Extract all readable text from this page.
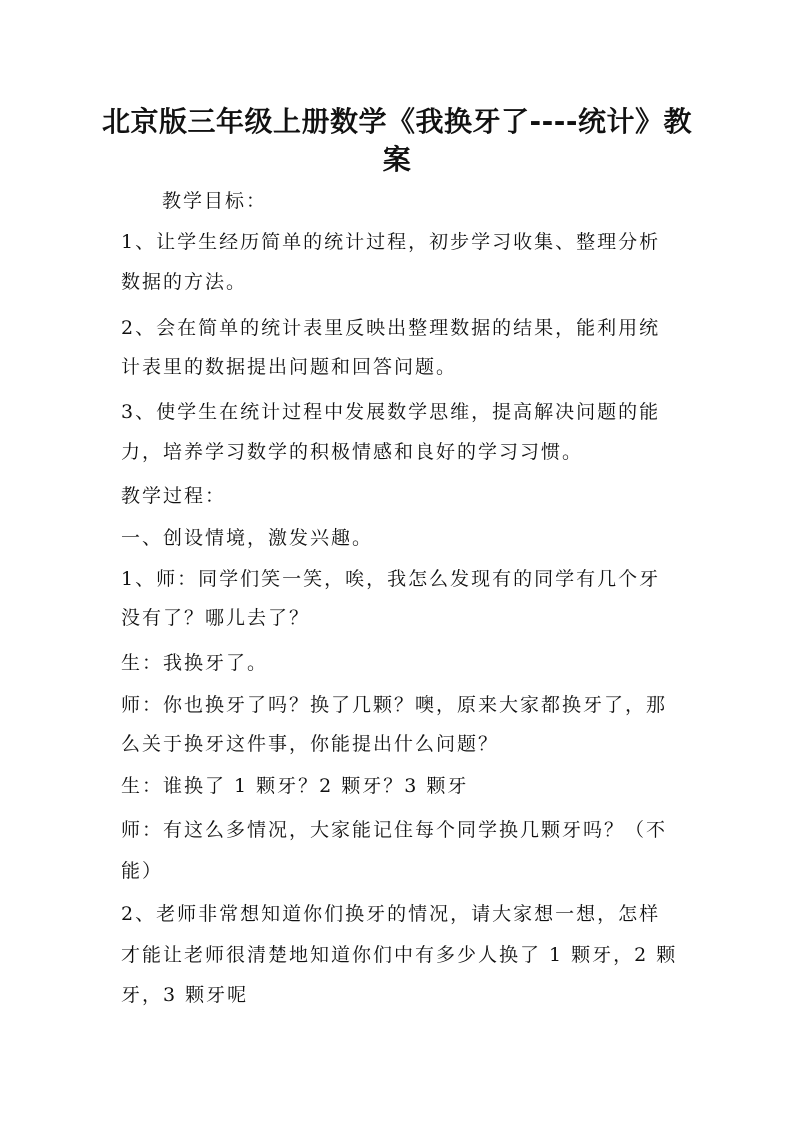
北京版三年级上册数学《我换牙了----统计》教
案
教学目标：
1、让学生经历简单的统计过程，初步学习收集、整理分析
数据的方法。
2、会在简单的统计表里反映出整理数据的结果，能利用统
计表里的数据提出问题和回答问题。
3、使学生在统计过程中发展数学思维，提高解决问题的能
力，培养学习数学的积极情感和良好的学习习惯。
教学过程：
一、创设情境，激发兴趣。
1、师：同学们笑一笑，唉，我怎么发现有的同学有几个牙
没有了？哪儿去了？
生：我换牙了。
师：你也换牙了吗？换了几颗？噢，原来大家都换牙了，那
么关于换牙这件事，你能提出什么问题？
生：谁换了 1 颗牙？2 颗牙？3 颗牙
师：有这么多情况，大家能记住每个同学换几颗牙吗？（不
能）
2、老师非常想知道你们换牙的情况，请大家想一想，怎样
才能让老师很清楚地知道你们中有多少人换了 1 颗牙，2 颗
牙，3 颗牙呢
